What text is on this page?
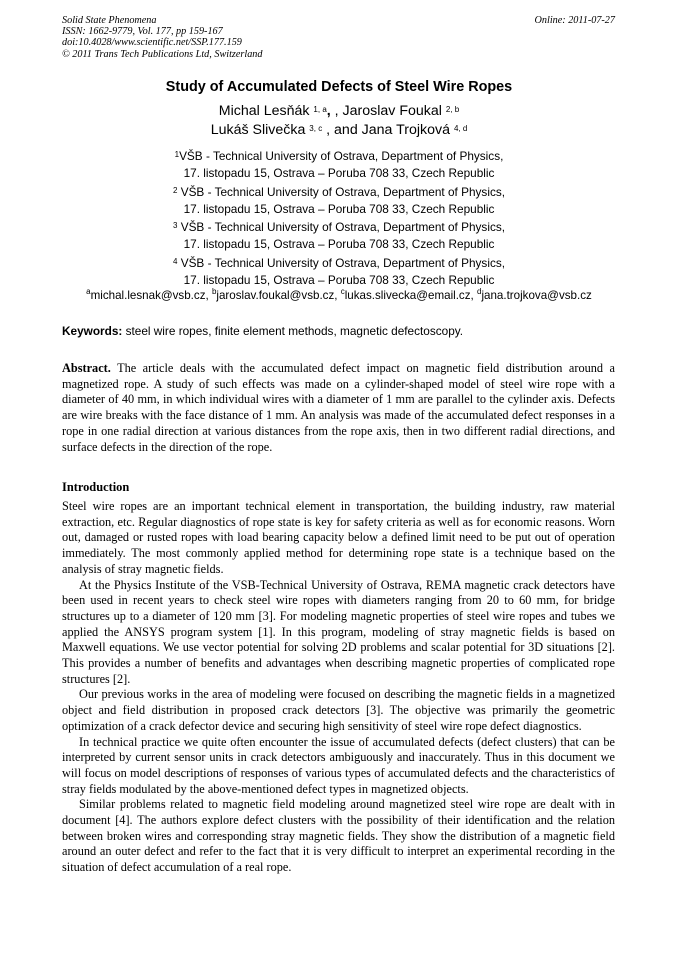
Solid State Phenomena
ISSN: 1662-9779, Vol. 177, pp 159-167
doi:10.4028/www.scientific.net/SSP.177.159
© 2011 Trans Tech Publications Ltd, Switzerland
Online: 2011-07-27
Study of Accumulated Defects of Steel Wire Ropes
Michal Lesňák $^{1, a}$, , Jaroslav Foukal $^{2, b}$
Lukáš Slivečka $^{3, c}$ , and Jana Trojková $^{4, d}$
$^1$VŠB - Technical University of Ostrava, Department of Physics,
17. listopadu 15, Ostrava – Poruba 708 33, Czech Republic
$^2$ VŠB - Technical University of Ostrava, Department of Physics,
17. listopadu 15, Ostrava – Poruba 708 33, Czech Republic
$^3$ VŠB - Technical University of Ostrava, Department of Physics,
17. listopadu 15, Ostrava – Poruba 708 33, Czech Republic
$^4$ VŠB - Technical University of Ostrava, Department of Physics,
17. listopadu 15, Ostrava – Poruba 708 33, Czech Republic
$^a$michal.lesnak@vsb.cz, $^b$jaroslav.foukal@vsb.cz, $^c$lukas.slivecka@email.cz, $^d$jana.trojkova@vsb.cz
Keywords: steel wire ropes, finite element methods, magnetic defectoscopy.
Abstract. The article deals with the accumulated defect impact on magnetic field distribution around a magnetized rope. A study of such effects was made on a cylinder-shaped model of steel wire rope with a diameter of 40 mm, in which individual wires with a diameter of 1 mm are parallel to the cylinder axis. Defects are wire breaks with the face distance of 1 mm. An analysis was made of the accumulated defect responses in a rope in one radial direction at various distances from the rope axis, then in two different radial directions, and surface defects in the direction of the rope.
Introduction

Steel wire ropes are an important technical element in transportation, the building industry, raw material extraction, etc. Regular diagnostics of rope state is key for safety criteria as well as for economic reasons. Worn out, damaged or rusted ropes with load bearing capacity below a defined limit need to be put out of operation immediately. The most commonly applied method for determining rope state is a technique based on the analysis of stray magnetic fields.

At the Physics Institute of the VSB-Technical University of Ostrava, REMA magnetic crack detectors have been used in recent years to check steel wire ropes with diameters ranging from 20 to 60 mm, for bridge structures up to a diameter of 120 mm [3]. For modeling magnetic properties of steel wire ropes and tubes we applied the ANSYS program system [1]. In this program, modeling of stray magnetic fields is based on Maxwell equations. We use vector potential for solving 2D problems and scalar potential for 3D situations [2]. This provides a number of benefits and advantages when describing magnetic properties of complicated rope structures [2].

Our previous works in the area of modeling were focused on describing the magnetic fields in a magnetized object and field distribution in proposed crack detectors [3]. The objective was primarily the geometric optimization of a crack defector device and securing high sensitivity of steel wire rope defect diagnostics.

In technical practice we quite often encounter the issue of accumulated defects (defect clusters) that can be interpreted by current sensor units in crack detectors ambiguously and inaccurately. Thus in this document we will focus on model descriptions of responses of various types of accumulated defects and the characteristics of stray fields modulated by the above-mentioned defect types in magnetized objects.

Similar problems related to magnetic field modeling around magnetized steel wire rope are dealt with in document [4]. The authors explore defect clusters with the possibility of their identification and the relation between broken wires and corresponding stray magnetic fields. They show the distribution of a magnetic field around an outer defect and refer to the fact that it is very difficult to interpret an experimental recording in the situation of defect accumulation of a real rope.
